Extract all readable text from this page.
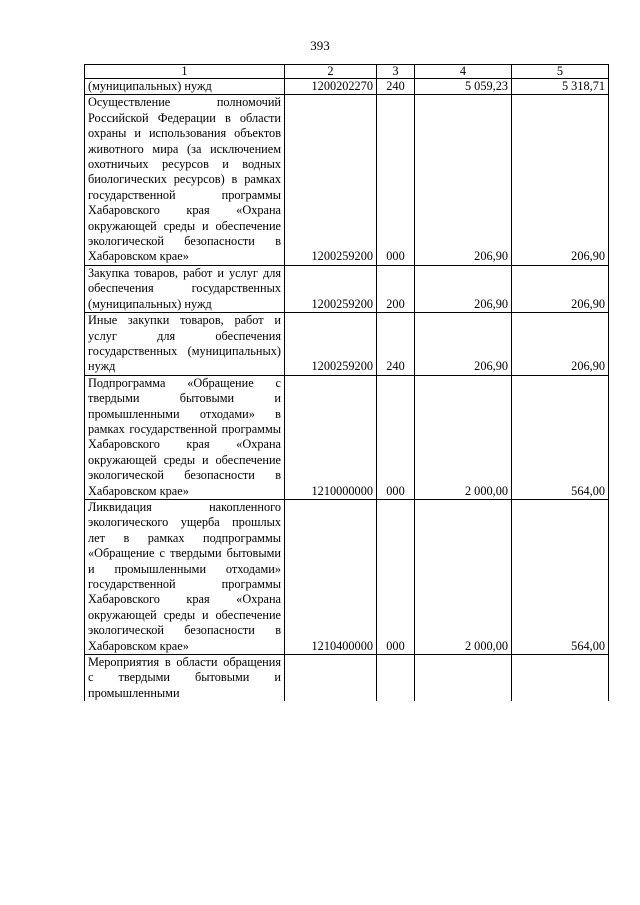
393
1	2	3	4	5
(муниципальных) нужд	1200202270	240	5 059,23	5 318,71
Осуществление полномочий Российской Федерации в области охраны и использования объектов животного мира (за исключением охотничьих ресурсов и водных биологических ресурсов) в рамках государственной программы Хабаровского края «Охрана окружающей среды и обеспечение экологической безопасности в Хабаровском крае»	1200259200	000	206,90	206,90
Закупка товаров, работ и услуг для обеспечения государственных (муниципальных) нужд	1200259200	200	206,90	206,90
Иные закупки товаров, работ и услуг для обеспечения государственных (муниципальных) нужд	1200259200	240	206,90	206,90
Подпрограмма «Обращение с твердыми бытовыми и промышленными отходами» в рамках государственной программы Хабаровского края «Охрана окружающей среды и обеспечение экологической безопасности в Хабаровском крае»	1210000000	000	2 000,00	564,00
Ликвидация накопленного экологического ущерба прошлых лет в рамках подпрограммы «Обращение с твердыми бытовыми и промышленными отходами» государственной программы Хабаровского края «Охрана окружающей среды и обеспечение экологической безопасности в Хабаровском крае»	1210400000	000	2 000,00	564,00
Мероприятия в области обращения с твердыми бытовыми и промышленными				
